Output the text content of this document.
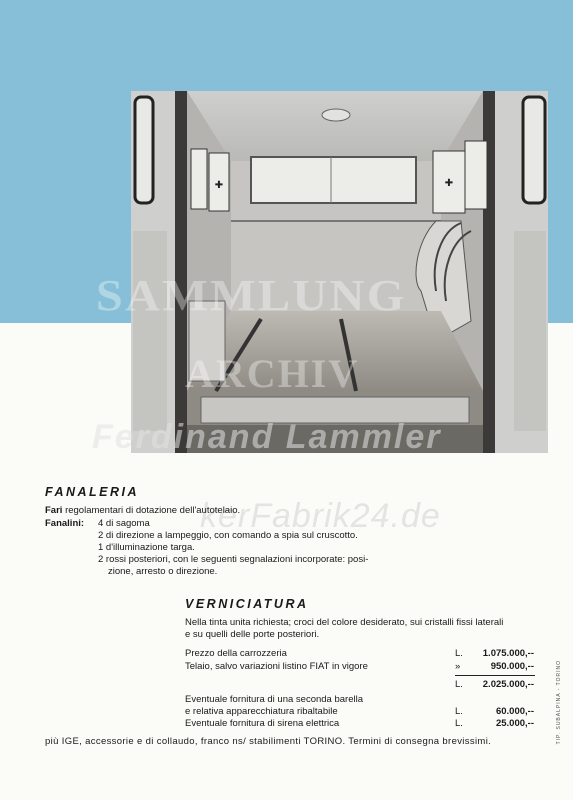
✚	✚
SAMMLUNG
ARCHIV
Ferdinand Lammler
kerFabrik24.de
FANALERIA
Fari regolamentari di dotazione dell'autotelaio.
Fanalini: 4 di sagoma
2 di direzione a lampeggio, con comando a spia sul cruscotto.
1 d'illuminazione targa.
2 rossi posteriori, con le seguenti segnalazioni incorporate: posi-
zione, arresto o direzione.
VERNICIATURA
Nella tinta unita richiesta; croci del colore desiderato, sui cristalli fissi laterali
e su quelli delle porte posteriori.
Prezzo della carrozzeria	L.	1.075.000,--
Telaio, salvo variazioni listino FIAT in vigore	»	950.000,--
L.	2.025.000,--
Eventuale fornitura di una seconda barella
e relativa apparecchiatura ribaltabile	L.	60.000,--
Eventuale fornitura di sirena elettrica	L.	25.000,--
più IGE, accessorie e di collaudo, franco ns/ stabilimenti TORINO. Termini di consegna brevissimi.	TIP. SUBALPINA - TORINO
